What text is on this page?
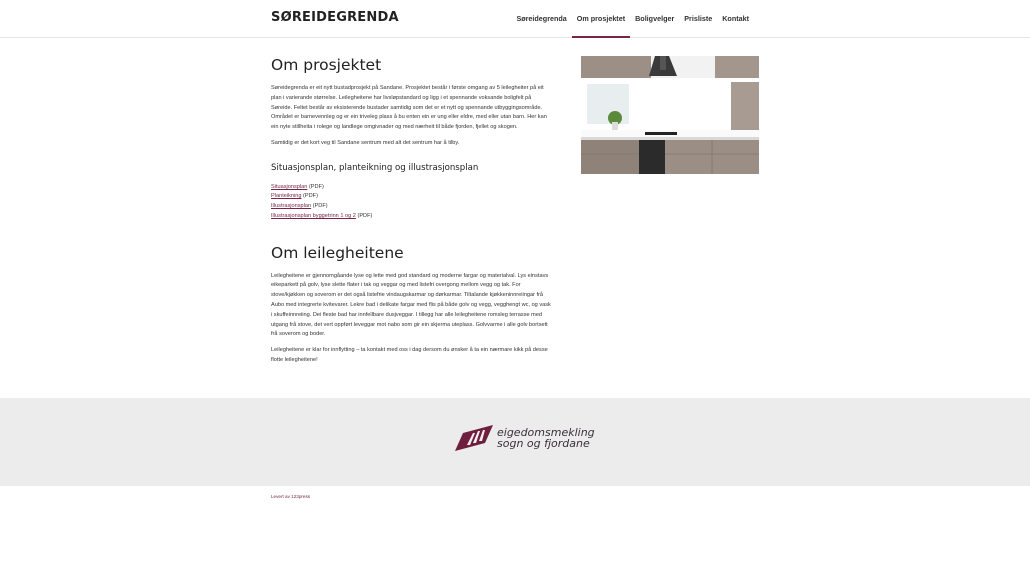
SØREIDEGRENDA	Søreidegrenda	Om prosjektet	Boligvelger	Prisliste	Kontakt
Om prosjektet

Søreidegrenda er eit nytt bustadprosjekt på Sandane. Prosjektet består i første omgang av 5 leilegheiter på eit plan i varierande størrelse. Leilegheitene har livsløpstandard og ligg i et spennande voksande boligfelt på Søreide. Feltet består av eksisterende bustader samtidig som det er et nytt og spennande utbyggingsområde. Området er barnevennleg og er ein triveleg plass å bu enten ein er ung eller eldre, med eller utan barn. Her kan ein nyte stillheita i rolege og landlege omgivnader og med nærheit til både fjorden, fjellet og skogen.

Samtidig er det kort veg til Sandane sentrum med alt det sentrum har å tilby.

Situasjonsplan, planteikning og illustrasjonsplan
Situasjonsplan (PDF)
Planteikning (PDF)
Illustrasjonsplan (PDF)
Illustrasjonsplan byggetrinn 1 og 2 (PDF)
Om leilegheitene

Leilegheitene er gjennomgåande lyse og lette med god standard og moderne fargar og materialval. Lys einstavs eikeparkett på golv, lyse slette flater i tak og veggar og med listefri overgong mellom vegg og tak. For stove/kjøkken og soverom er det også listefrie vindaugskarmar og dørkarmar. Tiltalande kjøkkeninnreiingar frå Aubo med integrerte kvitevarer. Lekre bad i delikate fargar med flis på både golv og vegg, vegghengt wc, og vask i skuffeinnreiing. Dei fleste bad har innfellbare dusjveggar. I tillegg har alle leilegheitene romsleg terrasse med utgang frå stove, det vert oppført leveggar mot nabo som gir ein skjerma uteplass. Golvvarme i alle golv bortsett frå soverom og boder.

Leilegheitene er klar for innflytting – ta kontakt med oss i dag dersom du ønsker å ta ein nærmare kikk på desse flotte leilegheitene!

eigedomsmekling
sogn og fjordane
Levert av 123press
